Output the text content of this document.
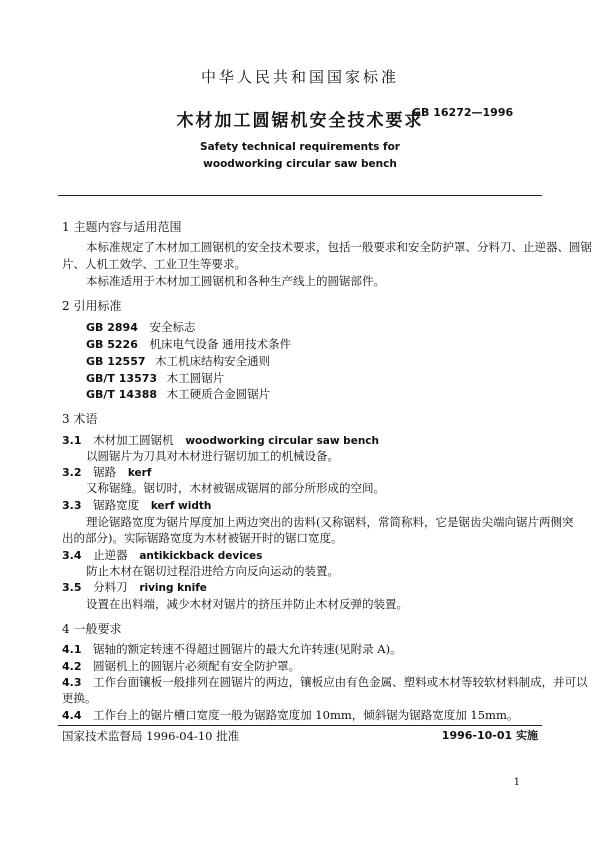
中华人民共和国国家标准
木材加工圆锯机安全技术要求
GB 16272—1996
Safety technical requirements for
woodworking circular saw bench
1 主题内容与适用范围
本标准规定了木材加工圆锯机的安全技术要求，包括一般要求和安全防护罩、分料刀、止逆器、圆锯
片、人机工效学、工业卫生等要求。
本标准适用于木材加工圆锯机和各种生产线上的圆锯部件。
2 引用标准
GB 2894 安全标志
GB 5226 机床电气设备 通用技术条件
GB 12557 木工机床结构安全通则
GB/T 13573 木工圆锯片
GB/T 14388 木工硬质合金圆锯片
3 术语
3.1 木材加工圆锯机 woodworking circular saw bench
以圆锯片为刀具对木材进行锯切加工的机械设备。
3.2 锯路 kerf
又称锯缝。锯切时，木材被锯成锯屑的部分所形成的空间。
3.3 锯路宽度 kerf width
理论锯路宽度为锯片厚度加上两边突出的齿料(又称锯料，常简称料，它是锯齿尖端向锯片两侧突
出的部分)。实际锯路宽度为木材被锯开时的锯口宽度。
3.4 止逆器 antikickback devices
防止木材在锯切过程沿进给方向反向运动的装置。
3.5 分料刀 riving knife
设置在出料端，减少木材对锯片的挤压并防止木材反弹的装置。
4 一般要求
4.1 锯轴的额定转速不得超过圆锯片的最大允许转速(见附录 A)。
4.2 圆锯机上的圆锯片必须配有安全防护罩。
4.3 工作台面镶板一般排列在圆锯片的两边，镶板应由有色金属、塑料或木材等较软材料制成，并可以
更换。
4.4 工作台上的锯片槽口宽度一般为锯路宽度加 10mm，倾斜锯为锯路宽度加 15mm。
国家技术监督局 1996-04-10 批准	1996-10-01 实施
1
